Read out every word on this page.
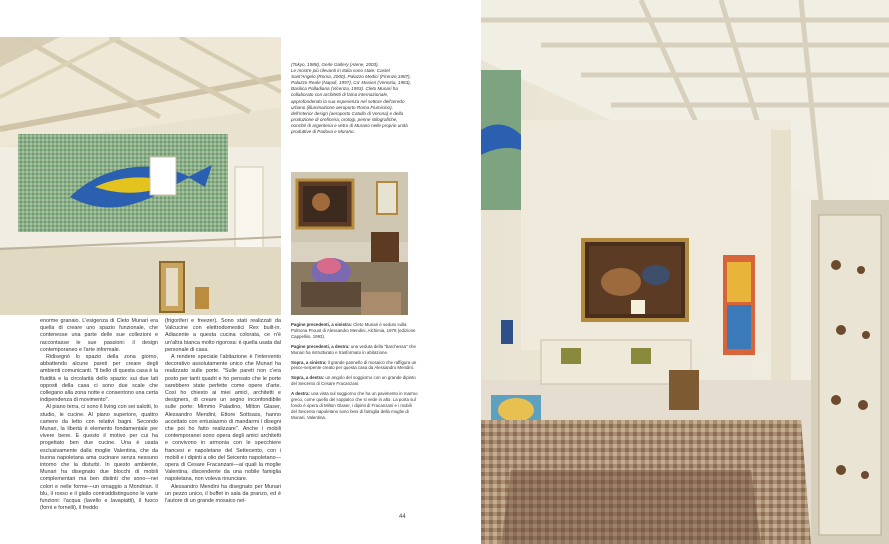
(Tokyo, 1988), Gerle Gallery (Atene, 2003).

Le mostre più rilevanti in Italia sono state: Castel Sant'Angelo (Roma, 2000), Palazzo Medici (Firenze,1987), Palazzo Reale (Napoli, 1997), Ca' Masieri (Venezia, 1983), Basilica Palladiana (Vicenza, 1993). Cleto Munari ha collaborato con architetti di fama internazionale, approfondendo la sua esperienza nel settore dell'arredo urbano (illuminazione aeroporto Roma Fiumicino), dell'interior design (aeroporto Catullo di Verona) e della produzione di oreficeria, orologi, penne stilografiche, nonché di argenteria e vetro di Murano nelle proprie unità produttive di Padova e Murano.

enorme granaio. L'esigenza di Cleto Munari era quella di creare uno spazio funzionale, che contenesse una parte delle sue collezioni e raccontasse le sue passioni: il design contemporaneo e l'arte informale.

Ridisegnò lo spazio della zona giorno, abbattendo alcune pareti per creare degli ambienti comunicanti. "Il bello di questa casa è la fluidità e la circolarità dello spazio: sui due lati opposti della casa ci sono due scale che collegano alla zona notte e consentono una certa indipendenza di movimento".

Al piano terra, ci sono il living con sei salotti, lo studio, le cucine. Al piano superiore, quattro camere da letto con relativi bagni. Secondo Munari, la libertà è elemento fondamentale per vivere bene. E questo il motivo per cui ha progettato ben due cucine. Una è usata esclusivamente dalla moglie Valentina, che da buona napoletana ama cucinare senza nessuno intorno che la disturbi. In questo ambiente, Munari ha disegnato due blocchi di mobili complementari ma ben distinti che sono—nei colori e nelle forme—un omaggio a Mondrian. Il blu, il rosso e il giallo contraddistinguono le varie funzioni: l'acqua (lavello e lavapiatti), il fuoco (forni e fornelli), il freddo

(frigoriferi e freezer). Sono stati realizzati da Valcucine con elettrodomestici Rex built-in. Adiacente a questa cucina colorata, ce n'è un'altra bianca molto rigorosa: è quella usata dal personale di casa.

A rendere speciale l'abitazione è l'intervento decorativo assolutamente unico che Munari ha realizzato sulle porte. "Sulle pareti non c'era posto per tanti quadri e ho pensato che le porte sarebbero state perfette come opere d'arte. Così ho chiesto ai miei amici, architetti e designers, di creare un segno inconfondibile sulle porte: Mimmo Paladino, Milton Glaser, Alessandro Mendini, Ettore Sottsass, hanno accettato con entusiasmo di mandarmi i disegni che poi ho fatto realizzare". Anche i mobili contemporanei sono opera degli amici architetti e convivono in armonia con le specchiere francesi e napoletane del Settecento, con i mobili e i dipinti a olio del Seicento napoletano—opera di Cesare Fracanzani—ai quali la moglie Valentina, discendente da una nobile famiglia napoletana, non voleva rinunciare.

Alessandro Mendini ha disegnato per Munari un pezzo unico, il buffet in sala da pranzo, ed è l'autore di un grande mosaico nel-

Pagine precedenti, a sinistra: Cleto Munari è seduto sulla Poltrona Proust di Alessandro Mendini, Alchimia, 1978 (edizione Cappellini, 1993).

Pagine precedenti, a destra: una veduta della "barchessa" che Munari ha ristrutturato e trasformato in abitazione.

Sopra, a sinistra: il grande pannello di mosaico che raffigura un pesce-serpente creato per questa casa da Alessandro Mendini.

Sopra, a destra: un angolo del soggiorno con un grande dipinto del Seicento di Cesare Fracanzani.

A destra: una vista sul soggiorno che ha un pavimento in marmo greco, come quello del soppalco che si vede in alto. La porta sul fondo è opera di Milton Glaser, i dipinti di Fracanzani e i mobili del Seicento napoletano sono beni di famiglia della moglie di Munari, Valentina.

44
